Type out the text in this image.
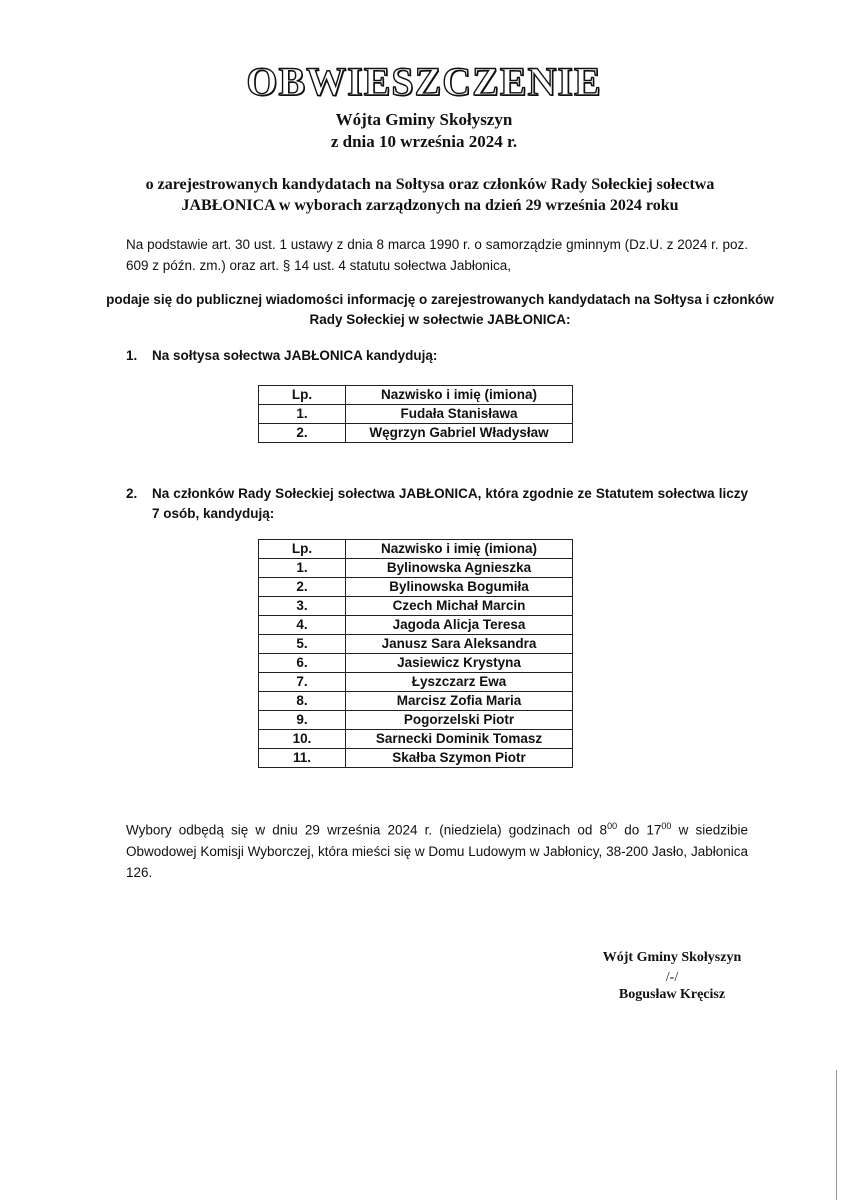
OBWIESZCZENIE
Wójta Gminy Skołyszyn
z dnia 10 września 2024 r.
o zarejestrowanych kandydatach na Sołtysa oraz członków Rady Sołeckiej sołectwa JABŁONICA w wyborach zarządzonych na dzień 29 września 2024 roku
Na podstawie art. 30 ust. 1 ustawy z dnia 8 marca 1990 r. o samorządzie gminnym (Dz.U. z 2024 r. poz. 609 z późn. zm.) oraz art. § 14 ust. 4 statutu sołectwa Jabłonica,
podaje się do publicznej wiadomości informację o zarejestrowanych kandydatach na Sołtysa i członków Rady Sołeckiej w sołectwie JABŁONICA:
1.	Na sołtysa sołectwa JABŁONICA kandydują:
Lp.	Nazwisko i imię (imiona)
1.	Fudała Stanisława
2.	Węgrzyn Gabriel Władysław
2.	Na członków Rady Sołeckiej sołectwa JABŁONICA, która zgodnie ze Statutem sołectwa liczy 7 osób, kandydują:
Lp.	Nazwisko i imię (imiona)
1.	Bylinowska Agnieszka
2.	Bylinowska Bogumiła
3.	Czech Michał Marcin
4.	Jagoda Alicja Teresa
5.	Janusz Sara Aleksandra
6.	Jasiewicz Krystyna
7.	Łyszczarz Ewa
8.	Marcisz Zofia Maria
9.	Pogorzelski Piotr
10.	Sarnecki Dominik Tomasz
11.	Skałba Szymon Piotr
Wybory odbędą się w dniu 29 września 2024 r. (niedziela) godzinach od $8^{00}$ do $17^{00}$ w siedzibie Obwodowej Komisji Wyborczej, która mieści się w Domu Ludowym w Jabłonicy, 38-200 Jasło, Jabłonica 126.
Wójt Gminy Skołyszyn
/-/
Bogusław Kręcisz
